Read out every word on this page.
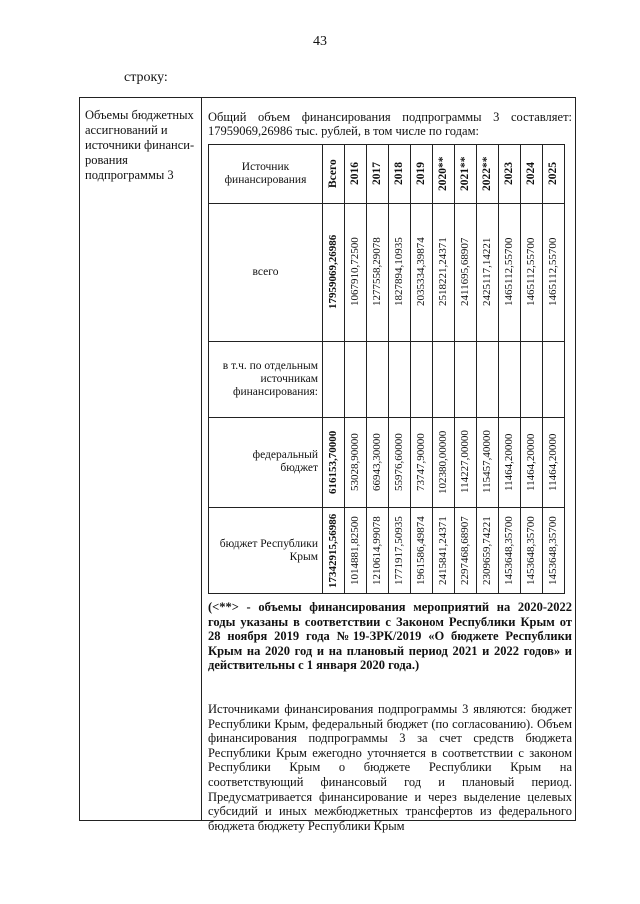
43
строку:
Объемы бюджетных ассигнований и источники финанси-рования подпрограммы 3
Общий объем финансирования подпрограммы 3 составляет: 17959069,26986 тыс. рублей, в том числе по годам:
Источник финансирования	Всего 2016 2017 2018 2019 2020** 2021** 2022** 2023 2024 2025
всего	17959069,26986 1067910,72500 1277558,29078 1827894,10935 2035334,39874 2518221,24371 2411695,68907 2425117,14221 1465112,55700 1465112,55700 1465112,55700
в т.ч. по отдельным источникам финансирования:
федеральный бюджет 616153,70000 53028,90000 66943,30000 55976,60000 73747,90000 102380,00000 114227,00000 115457,40000 11464,20000 11464,20000 11464,20000
бюджет Республики Крым 17342915,56986 1014881,82500 1210614,99078 1771917,50935 1961586,49874 2415841,24371 2297468,68907 2309659,74221 1453648,35700 1453648,35700 1453648,35700
(<**> - объемы финансирования мероприятий на 2020-2022 годы указаны в соответствии с Законом Республики Крым от 28 ноября 2019 года №19-ЗРК/2019 «О бюджете Республики Крым на 2020 год и на плановый период 2021 и 2022 годов» и действительны с 1 января 2020 года.)
Источниками финансирования подпрограммы 3 являются: бюджет Республики Крым, федеральный бюджет (по согласованию). Объем финансирования подпрограммы 3 за счет средств бюджета Республики Крым ежегодно уточняется в соответствии с законом Республики Крым о бюджете Республики Крым на соответствующий финансовый год и плановый период. Предусматривается финансирование и через выделение целевых субсидий и иных межбюджетных трансфертов из федерального бюджета бюджету Республики Крым
